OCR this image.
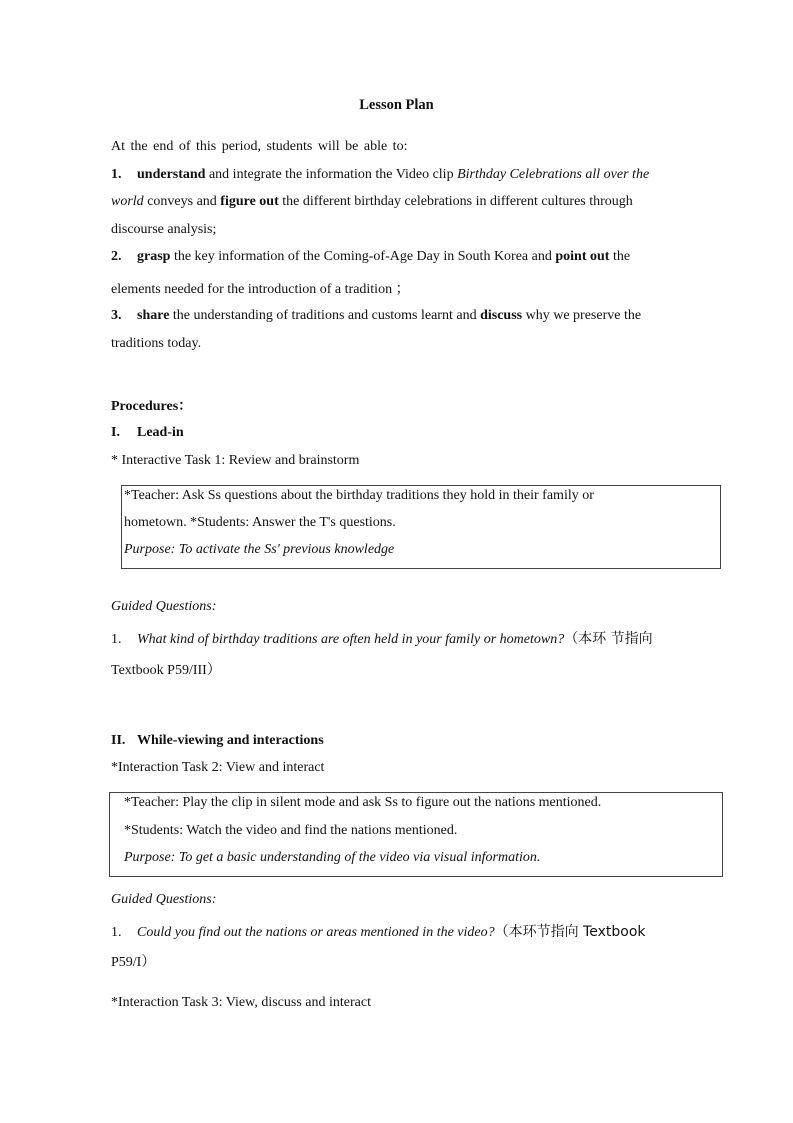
Lesson Plan
At the end of this period, students will be able to:
1. understand and integrate the information the Video clip Birthday Celebrations all over the
world conveys and figure out the different birthday celebrations in different cultures through
discourse analysis;
2. grasp the key information of the Coming-of-Age Day in South Korea and point out the
elements needed for the introduction of a tradition ；
3. share the understanding of traditions and customs learnt and discuss why we preserve the
traditions today.
Procedures：
I. Lead-in
* Interactive Task 1: Review and brainstorm
*Teacher: Ask Ss questions about the birthday traditions they hold in their family or
hometown. *Students: Answer the T's questions.
Purpose: To activate the Ss' previous knowledge
Guided Questions:
1. What kind of birthday traditions are often held in your family or hometown?（本环 节指向
Textbook P59/III）
II. While-viewing and interactions
*Interaction Task 2: View and interact
*Teacher: Play the clip in silent mode and ask Ss to figure out the nations mentioned.
*Students: Watch the video and find the nations mentioned.
Purpose: To get a basic understanding of the video via visual information.
Guided Questions:
1. Could you find out the nations or areas mentioned in the video?（本环节指向 Textbook
P59/I）
*Interaction Task 3: View, discuss and interact
